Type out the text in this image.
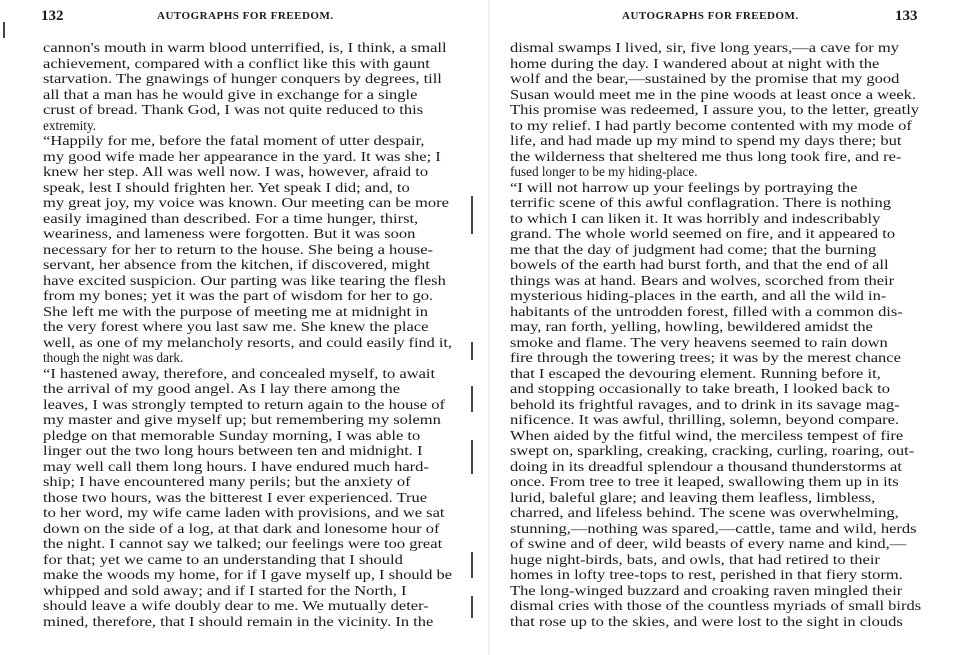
132	AUTOGRAPHS FOR FREEDOM.
cannon's mouth in warm blood unterrified, is, I think, a small
achievement, compared with a conflict like this with gaunt
starvation. The gnawings of hunger conquers by degrees, till
all that a man has he would give in exchange for a single
crust of bread. Thank God, I was not quite reduced to this
extremity.
“Happily for me, before the fatal moment of utter despair,
my good wife made her appearance in the yard. It was she; I
knew her step. All was well now. I was, however, afraid to
speak, lest I should frighten her. Yet speak I did; and, to
my great joy, my voice was known. Our meeting can be more
easily imagined than described. For a time hunger, thirst,
weariness, and lameness were forgotten. But it was soon
necessary for her to return to the house. She being a house-
servant, her absence from the kitchen, if discovered, might
have excited suspicion. Our parting was like tearing the flesh
from my bones; yet it was the part of wisdom for her to go.
She left me with the purpose of meeting me at midnight in
the very forest where you last saw me. She knew the place
well, as one of my melancholy resorts, and could easily find it,
though the night was dark.
“I hastened away, therefore, and concealed myself, to await
the arrival of my good angel. As I lay there among the
leaves, I was strongly tempted to return again to the house of
my master and give myself up; but remembering my solemn
pledge on that memorable Sunday morning, I was able to
linger out the two long hours between ten and midnight. I
may well call them long hours. I have endured much hard-
ship; I have encountered many perils; but the anxiety of
those two hours, was the bitterest I ever experienced. True
to her word, my wife came laden with provisions, and we sat
down on the side of a log, at that dark and lonesome hour of
the night. I cannot say we talked; our feelings were too great
for that; yet we came to an understanding that I should
make the woods my home, for if I gave myself up, I should be
whipped and sold away; and if I started for the North, I
should leave a wife doubly dear to me. We mutually deter-
mined, therefore, that I should remain in the vicinity. In the
AUTOGRAPHS FOR FREEDOM.	133
dismal swamps I lived, sir, five long years,—a cave for my
home during the day. I wandered about at night with the
wolf and the bear,—sustained by the promise that my good
Susan would meet me in the pine woods at least once a week.
This promise was redeemed, I assure you, to the letter, greatly
to my relief. I had partly become contented with my mode of
life, and had made up my mind to spend my days there; but
the wilderness that sheltered me thus long took fire, and re-
fused longer to be my hiding-place.
“I will not harrow up your feelings by portraying the
terrific scene of this awful conflagration. There is nothing
to which I can liken it. It was horribly and indescribably
grand. The whole world seemed on fire, and it appeared to
me that the day of judgment had come; that the burning
bowels of the earth had burst forth, and that the end of all
things was at hand. Bears and wolves, scorched from their
mysterious hiding-places in the earth, and all the wild in-
habitants of the untrodden forest, filled with a common dis-
may, ran forth, yelling, howling, bewildered amidst the
smoke and flame. The very heavens seemed to rain down
fire through the towering trees; it was by the merest chance
that I escaped the devouring element. Running before it,
and stopping occasionally to take breath, I looked back to
behold its frightful ravages, and to drink in its savage mag-
nificence. It was awful, thrilling, solemn, beyond compare.
When aided by the fitful wind, the merciless tempest of fire
swept on, sparkling, creaking, cracking, curling, roaring, out-
doing in its dreadful splendour a thousand thunderstorms at
once. From tree to tree it leaped, swallowing them up in its
lurid, baleful glare; and leaving them leafless, limbless,
charred, and lifeless behind. The scene was overwhelming,
stunning,—nothing was spared,—cattle, tame and wild, herds
of swine and of deer, wild beasts of every name and kind,—
huge night-birds, bats, and owls, that had retired to their
homes in lofty tree-tops to rest, perished in that fiery storm.
The long-winged buzzard and croaking raven mingled their
dismal cries with those of the countless myriads of small birds
that rose up to the skies, and were lost to the sight in clouds
